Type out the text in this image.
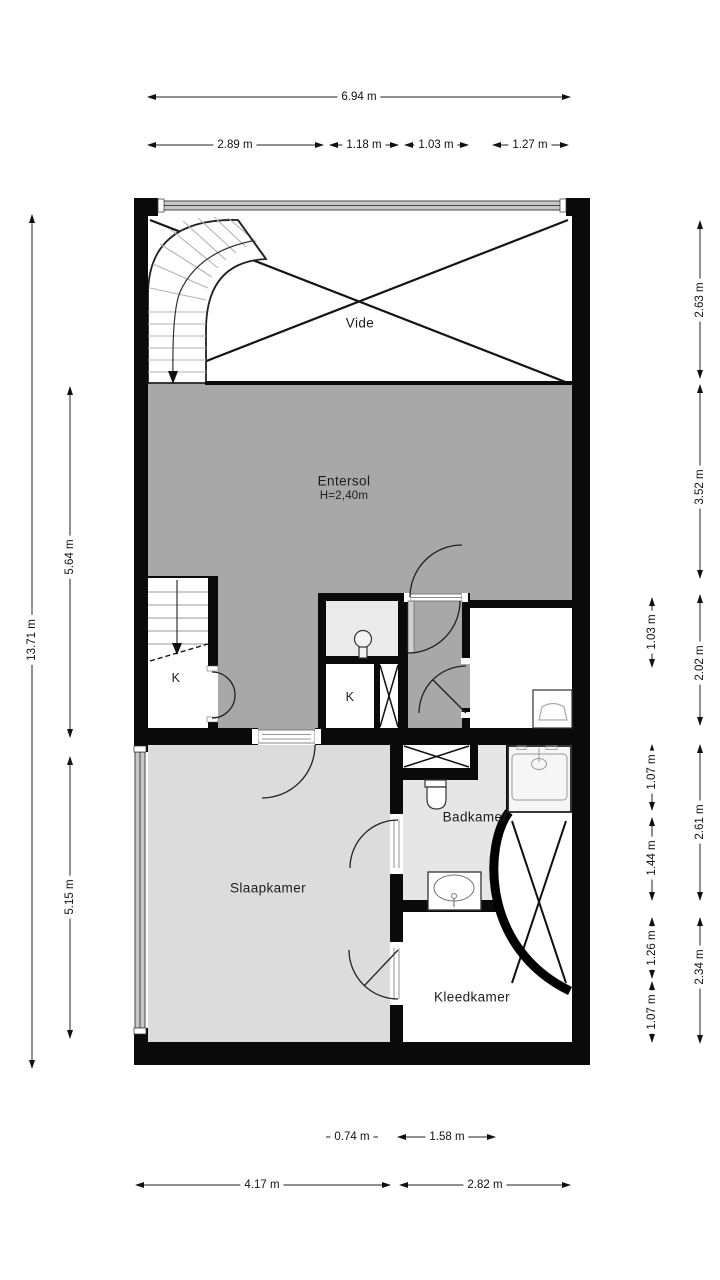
Vide
Entersol
H=2,40m
K
K
Badkamer
Slaapkamer
Kleedkamer
6.94 m
2.89 m	1.18 m	1.03 m	1.27 m
0.74 m	1.58 m
4.17 m	2.82 m
13.71 m
5.64 m
5.15 m
2.63 m
3.52 m
2.02 m
2.61 m
2.34 m
1.03 m
1.07 m
1.44 m
1.26 m
1.07 m
